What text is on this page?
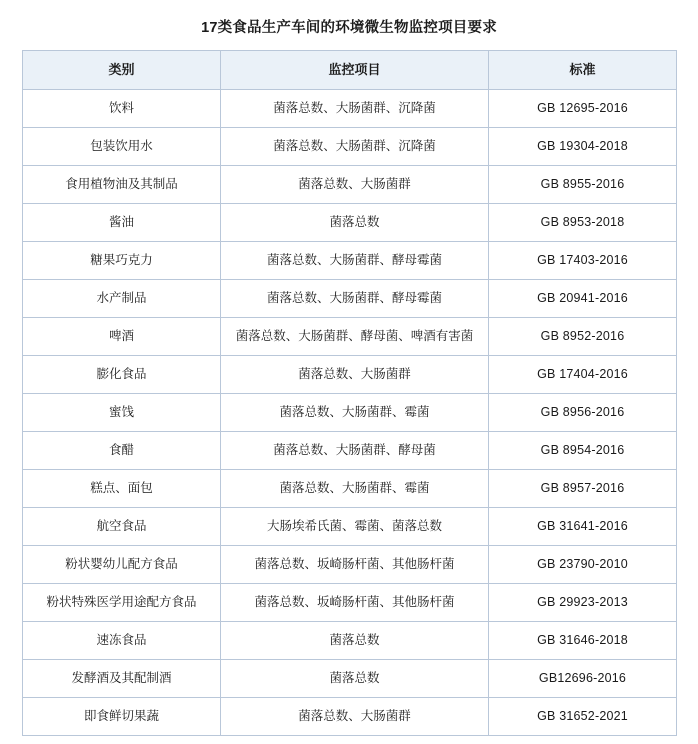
17类食品生产车间的环境微生物监控项目要求
类别	监控项目	标准
饮料	菌落总数、大肠菌群、沉降菌	GB 12695-2016
包装饮用水	菌落总数、大肠菌群、沉降菌	GB 19304-2018
食用植物油及其制品	菌落总数、大肠菌群	GB 8955-2016
酱油	菌落总数	GB 8953-2018
糖果巧克力	菌落总数、大肠菌群、酵母霉菌	GB 17403-2016
水产制品	菌落总数、大肠菌群、酵母霉菌	GB 20941-2016
啤酒	菌落总数、大肠菌群、酵母菌、啤酒有害菌	GB 8952-2016
膨化食品	菌落总数、大肠菌群	GB 17404-2016
蜜饯	菌落总数、大肠菌群、霉菌	GB 8956-2016
食醋	菌落总数、大肠菌群、酵母菌	GB 8954-2016
糕点、面包	菌落总数、大肠菌群、霉菌	GB 8957-2016
航空食品	大肠埃希氏菌、霉菌、菌落总数	GB 31641-2016
粉状婴幼儿配方食品	菌落总数、坂崎肠杆菌、其他肠杆菌	GB 23790-2010
粉状特殊医学用途配方食品	菌落总数、坂崎肠杆菌、其他肠杆菌	GB 29923-2013
速冻食品	菌落总数	GB 31646-2018
发酵酒及其配制酒	菌落总数	GB12696-2016
即食鲜切果蔬	菌落总数、大肠菌群	GB 31652-2021
